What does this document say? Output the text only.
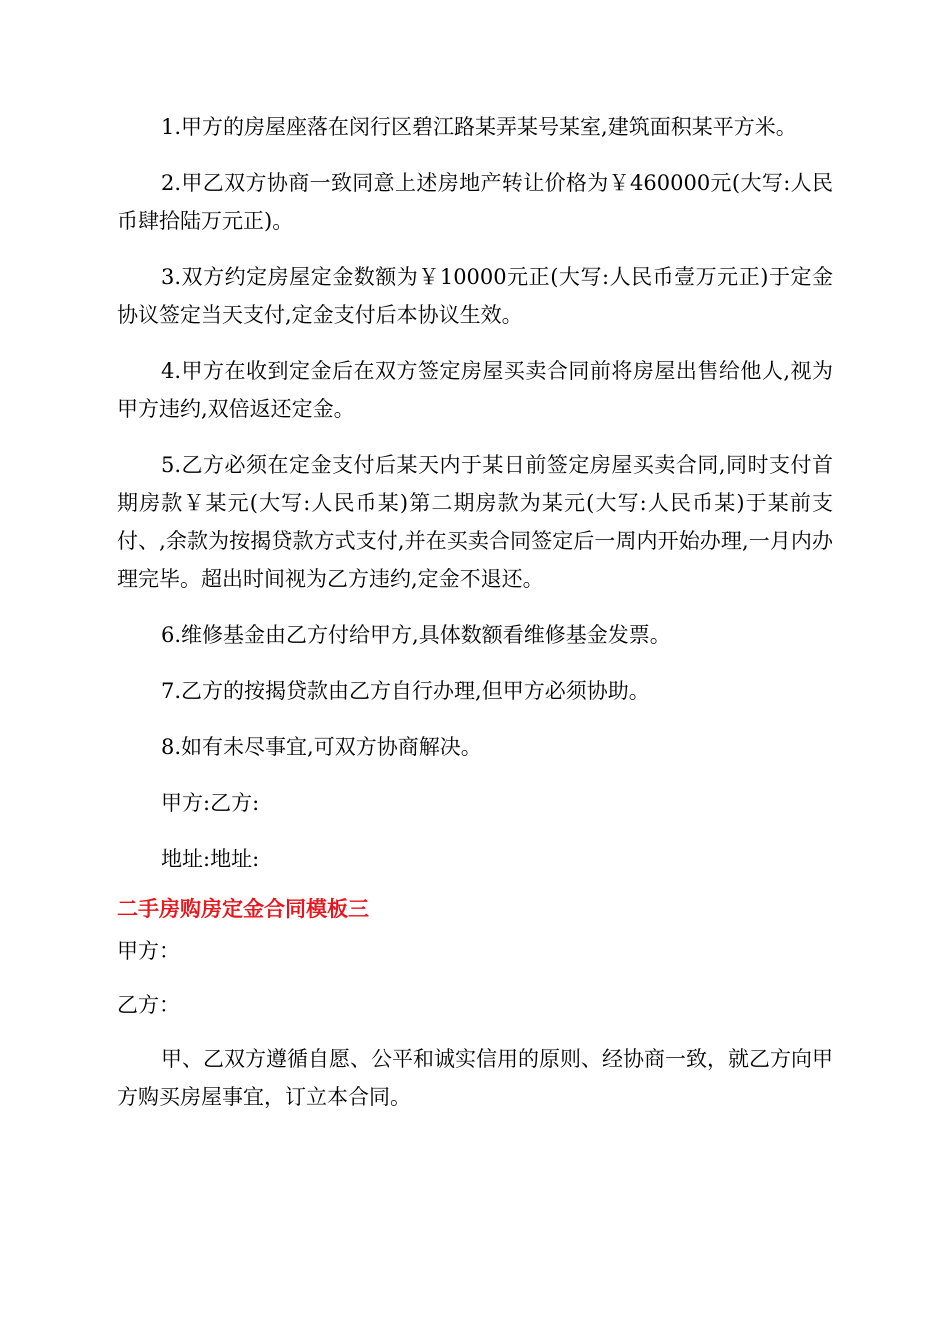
1.甲方的房屋座落在闵行区碧江路某弄某号某室,建筑面积某平方米。

2.甲乙双方协商一致同意上述房地产转让价格为￥460000元(大写:人民币肆拾陆万元正)。

3.双方约定房屋定金数额为￥10000元正(大写:人民币壹万元正)于定金协议签定当天支付,定金支付后本协议生效。

4.甲方在收到定金后在双方签定房屋买卖合同前将房屋出售给他人,视为甲方违约,双倍返还定金。

5.乙方必须在定金支付后某天内于某日前签定房屋买卖合同,同时支付首期房款￥某元(大写:人民币某)第二期房款为某元(大写:人民币某)于某前支付、,余款为按揭贷款方式支付,并在买卖合同签定后一周内开始办理,一月内办理完毕。超出时间视为乙方违约,定金不退还。

6.维修基金由乙方付给甲方,具体数额看维修基金发票。

7.乙方的按揭贷款由乙方自行办理,但甲方必须协助。

8.如有未尽事宜,可双方协商解决。

甲方:乙方:

地址:地址:

二手房购房定金合同模板三

甲方：

乙方：

甲、乙双方遵循自愿、公平和诚实信用的原则、经协商一致，就乙方向甲方购买房屋事宜，订立本合同。
